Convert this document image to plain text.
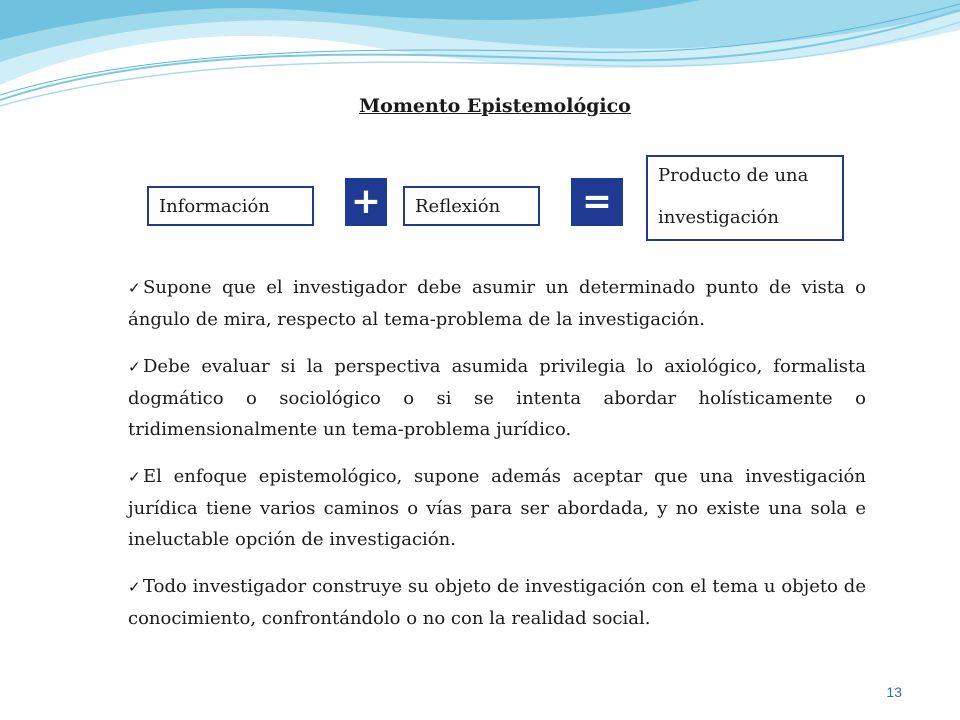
Momento Epistemológico
Información	+	Reflexión	=
Producto de una
investigación
✓ Supone que el investigador debe asumir un determinado punto de vista o ángulo de mira, respecto al tema-problema de la investigación.
✓ Debe evaluar si la perspectiva asumida privilegia lo axiológico, formalista dogmático o sociológico o si se intenta abordar holísticamente o tridimensionalmente un tema-problema jurídico.
✓ El enfoque epistemológico, supone además aceptar que una investigación jurídica tiene varios caminos o vías para ser abordada, y no existe una sola e ineluctable opción de investigación.
✓ Todo investigador construye su objeto de investigación con el tema u objeto de conocimiento, confrontándolo o no con la realidad social.
13
